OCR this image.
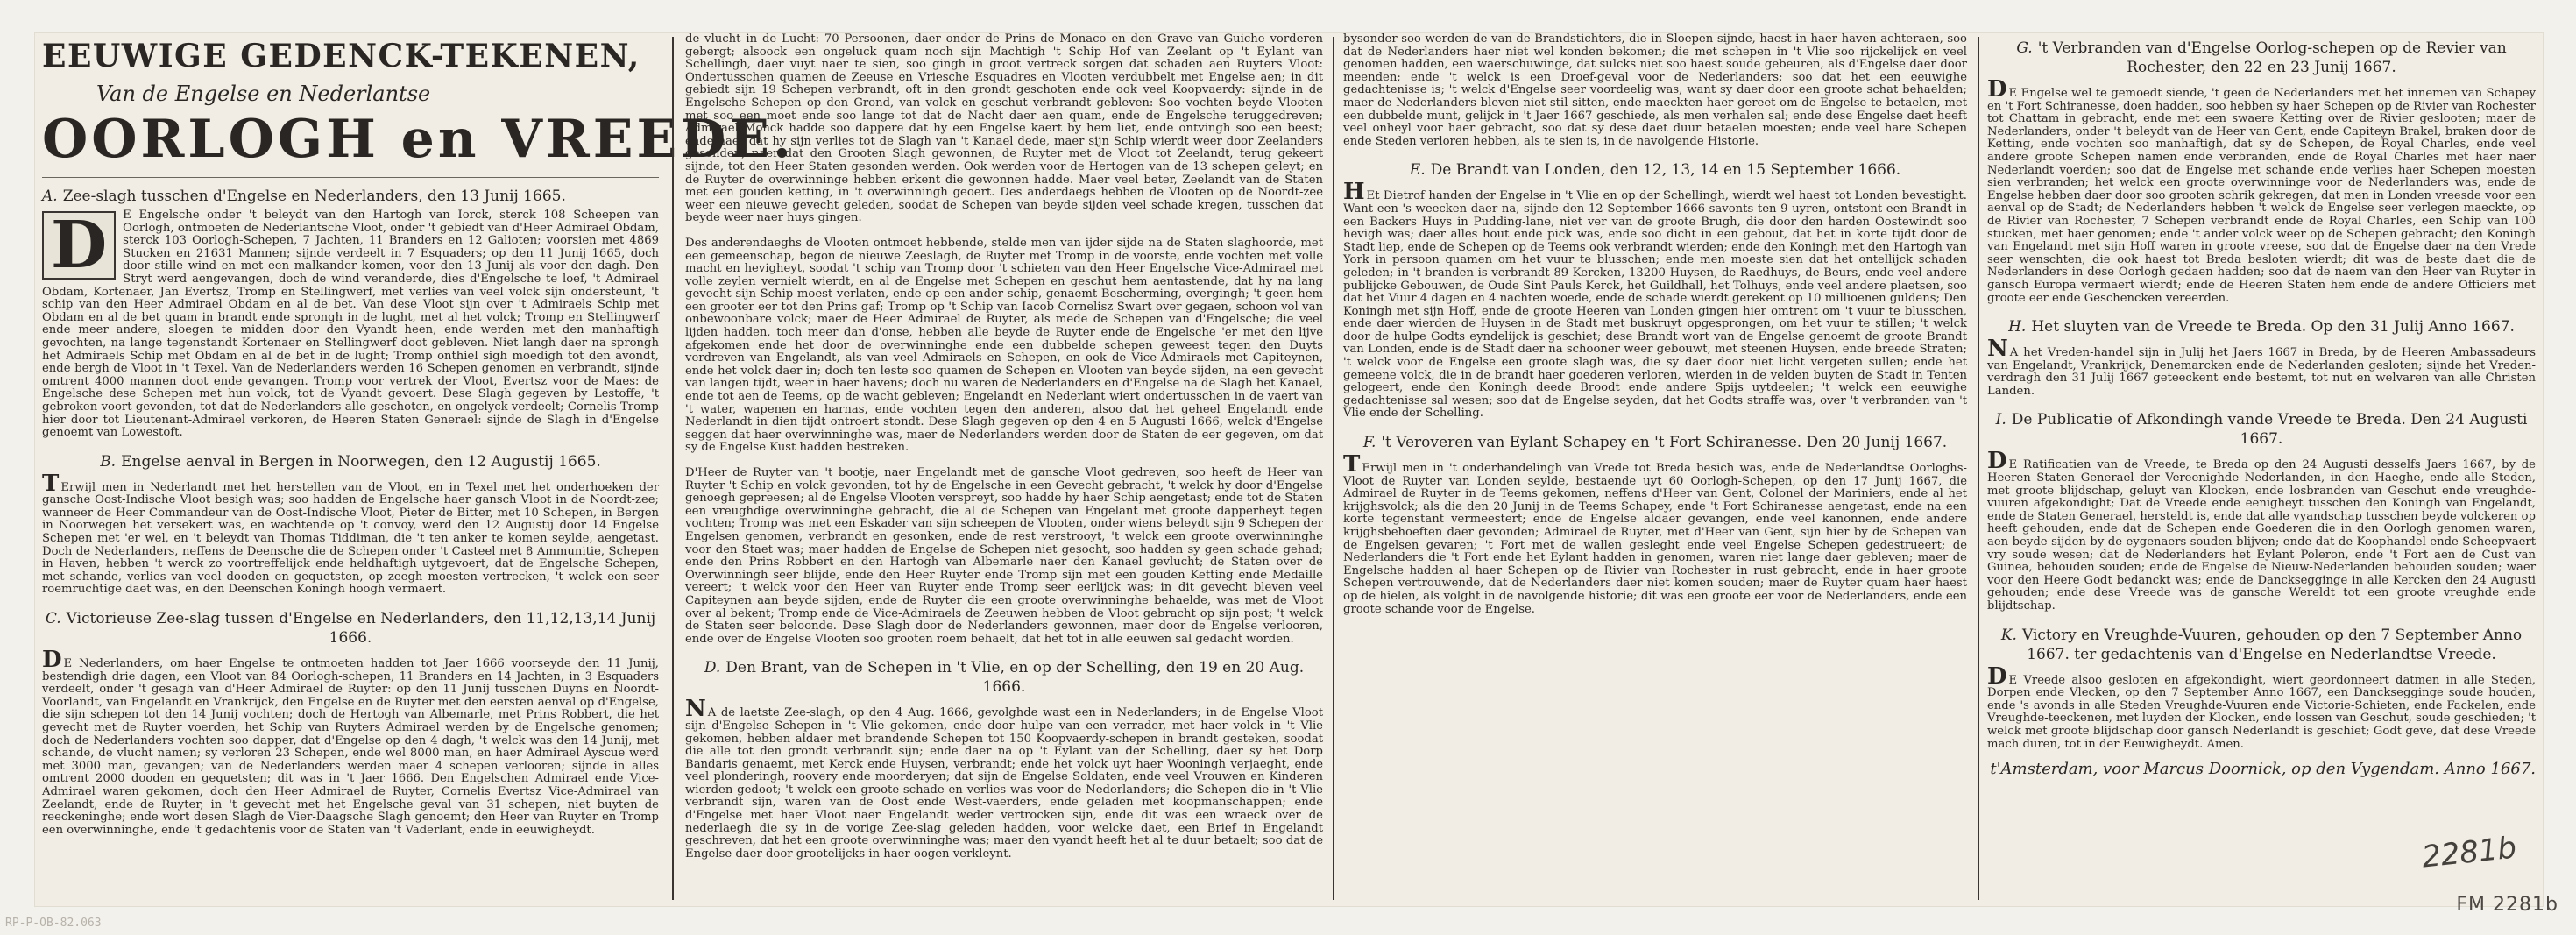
EEUWIGE GEDENCK-TEKENEN,
Van de Engelse en Nederlantse
OORLOGH en VREEDE.
A. Zee-slagh tusschen d'Engelse en Nederlanders, den 13 Junij 1665.
D	E Engelsche onder 't beleydt van den Hartogh van Iorck, sterck 108 Scheepen van Oorlogh, ontmoeten de Nederlantsche Vloot, onder 't gebiedt van d'Heer Admirael Obdam, sterck 103 Oorlogh-Schepen, 7 Jachten, 11 Branders en 12 Galioten; voorsien met 4869 Stucken en 21631 Mannen; sijnde verdeelt in 7 Esquaders; op den 11 Junij 1665, doch door stille wind en met een malkander komen, voor den 13 Junij als voor den dagh. Den Stryt werd aengevangen, doch de wind veranderde, dies d'Engelsche te loef, 't Admirael Obdam, Kortenaer, Jan Evertsz, Tromp en Stellingwerf, met verlies van veel volck sijn ondersteunt, 't schip van den Heer Admirael Obdam en al de bet. Van dese Vloot sijn over 't Admiraels Schip met Obdam en al de bet quam in brandt ende sprongh in de lught, met al het volck; Tromp en Stellingwerf ende meer andere, sloegen te midden door den Vyandt heen, ende werden met den manhaftigh gevochten, na lange tegenstandt Kortenaer en Stellingwerf doot gebleven. Niet langh daer na sprongh het Admiraels Schip met Obdam en al de bet in de lught; Tromp onthiel sigh moedigh tot den avondt, ende bergh de Vloot in 't Texel. Van de Nederlanders werden 16 Schepen genomen en verbrandt, sijnde omtrent 4000 mannen doot ende gevangen. Tromp voor vertrek der Vloot, Evertsz voor de Maes: de Engelsche dese Schepen met hun volck, tot de Vyandt gevoert. Dese Slagh gegeven by Lestoffe, 't gebroken voort gevonden, tot dat de Nederlanders alle geschoten, en ongelyck verdeelt; Cornelis Tromp hier door tot Lieutenant-Admirael verkoren, de Heeren Staten Generael: sijnde de Slagh in d'Engelse genoemt van Lowestoft.
B. Engelse aenval in Bergen in Noorwegen, den 12 Augustij 1665.
T Erwijl men in Nederlandt met het herstellen van de Vloot, en in Texel met het onderhoeken der gansche Oost-Indische Vloot besigh was; soo hadden de Engelsche haer gansch Vloot in de Noordt-zee; wanneer de Heer Commandeur van de Oost-Indische Vloot, Pieter de Bitter, met 10 Schepen, in Bergen in Noorwegen het versekert was, en wachtende op 't convoy, werd den 12 Augustij door 14 Engelse Schepen met 'er wel, en 't beleydt van Thomas Tiddiman, die 't ten anker te komen seylde, aengetast. Doch de Nederlanders, neffens de Deensche die de Schepen onder 't Casteel met 8 Ammunitie, Schepen in Haven, hebben 't werck zo voortreffelijck ende heldhaftigh uytgevoert, dat de Engelsche Schepen, met schande, verlies van veel dooden en gequetsten, op zeegh moesten vertrecken, 't welck een seer roemruchtige daet was, en den Deenschen Koningh hoogh vermaert.
C. Victorieuse Zee-slag tussen d'Engelse en Nederlanders, den 11,12,13,14 Junij 1666.
D E Nederlanders, om haer Engelse te ontmoeten hadden tot Jaer 1666 voorseyde den 11 Junij, bestendigh drie dagen, een Vloot van 84 Oorlogh-schepen, 11 Branders en 14 Jachten, in 3 Esquaders verdeelt, onder 't gesagh van d'Heer Admirael de Ruyter: op den 11 Junij tusschen Duyns en Noordt-Voorlandt, van Engelandt en Vrankrijck, den Engelse en de Ruyter met den eersten aenval op d'Engelse, die sijn schepen tot den 14 Junij vochten; doch de Hertogh van Albemarle, met Prins Robbert, die het gevecht met de Ruyter voerden, het Schip van Ruyters Admirael werden by de Engelsche genomen; doch de Nederlanders vochten soo dapper, dat d'Engelse op den 4 dagh, 't welck was den 14 Junij, met schande, de vlucht namen; sy verloren 23 Schepen, ende wel 8000 man, en haer Admirael Ayscue werd met 3000 man, gevangen; van de Nederlanders werden maer 4 schepen verlooren; sijnde in alles omtrent 2000 dooden en gequetsten; dit was in 't Jaer 1666. Den Engelschen Admirael ende Vice-Admirael waren gekomen, doch den Heer Admirael de Ruyter, Cornelis Evertsz Vice-Admirael van Zeelandt, ende de Ruyter, in 't gevecht met het Engelsche geval van 31 schepen, niet buyten de reeckeninghe; ende wort desen Slagh de Vier-Daagsche Slagh genoemt; den Heer van Ruyter en Tromp een overwinninghe, ende 't gedachtenis voor de Staten van 't Vaderlant, ende in eeuwigheydt.
de vlucht in de Lucht: 70 Persoonen, daer onder de Prins de Monaco en den Grave van Guiche vorderen gebergt; alsoock een ongeluck quam noch sijn Machtigh 't Schip Hof van Zeelant op 't Eylant van Schellingh, daer vuyt naer te sien, soo gingh in groot vertreck sorgen dat schaden aen Ruyters Vloot: Ondertusschen quamen de Zeeuse en Vriesche Esquadres en Vlooten verdubbelt met Engelse aen; in dit gebiedt sijn 19 Schepen verbrandt, oft in den grondt geschoten ende ook veel Koopvaerdy: sijnde in de Engelsche Schepen op den Grond, van volck en geschut verbrandt gebleven: Soo vochten beyde Vlooten met soo een moet ende soo lange tot dat de Nacht daer aen quam, ende de Engelsche teruggedreven; Admirael Monck hadde soo dappere dat hy een Engelse kaert by hem liet, ende ontvingh soo een beest; ende naer dat hy sijn verlies tot de Slagh van 't Kanael dede, maer sijn Schip wierdt weer door Zeelanders gesonden; naer dat den Grooten Slagh gewonnen, de Ruyter met de Vloot tot Zeelandt, terug gekeert sijnde, tot den Heer Staten gesonden werden. Ook werden voor de Hertogen van de 13 schepen geleyt; en de Ruyter de overwinninge hebben erkent die gewonnen hadde. Maer veel beter, Zeelandt van de Staten met een gouden ketting, in 't overwinningh geoert. Des anderdaegs hebben de Vlooten op de Noordt-zee weer een nieuwe gevecht geleden, soodat de Schepen van beyde sijden veel schade kregen, tusschen dat beyde weer naer huys gingen.
Des anderendaeghs de Vlooten ontmoet hebbende, stelde men van ijder sijde na de Staten slaghoorde, met een gemeenschap, begon de nieuwe Zeeslagh, de Ruyter met Tromp in de voorste, ende vochten met volle macht en hevigheyt, soodat 't schip van Tromp door 't schieten van den Heer Engelsche Vice-Admirael met volle zeylen vernielt wierdt, en al de Engelse met Schepen en geschut hem aentastende, dat hy na lang gevecht sijn Schip moest verlaten, ende op een ander schip, genaemt Bescherming, overgingh; 't geen hem een grooter eer tot den Prins gaf; Tromp op 't Schip van Iacob Cornelisz Swart over gegaen, schoon vol van onbewoonbare volck; maer de Heer Admirael de Ruyter, als mede de Schepen van d'Engelsche; die veel lijden hadden, toch meer dan d'onse, hebben alle beyde de Ruyter ende de Engelsche 'er met den lijve afgekomen ende het door de overwinninghe ende een dubbelde schepen geweest tegen den Duyts verdreven van Engelandt, als van veel Admiraels en Schepen, en ook de Vice-Admiraels met Capiteynen, ende het volck daer in; doch ten leste soo quamen de Schepen en Vlooten van beyde sijden, na een gevecht van langen tijdt, weer in haer havens; doch nu waren de Nederlanders en d'Engelse na de Slagh het Kanael, ende tot aen de Teems, op de wacht gebleven; Engelandt en Nederlant wiert ondertusschen in de vaert van 't water, wapenen en harnas, ende vochten tegen den anderen, alsoo dat het geheel Engelandt ende Nederlandt in dien tijdt ontroert stondt. Dese Slagh gegeven op den 4 en 5 Augusti 1666, welck d'Engelse seggen dat haer overwinninghe was, maer de Nederlanders werden door de Staten de eer gegeven, om dat sy de Engelse Kust hadden bestreken.
D'Heer de Ruyter van 't bootje, naer Engelandt met de gansche Vloot gedreven, soo heeft de Heer van Ruyter 't Schip en volck gevonden, tot hy de Engelsche in een Gevecht gebracht, 't welck hy door d'Engelse genoegh gepreesen; al de Engelse Vlooten verspreyt, soo hadde hy haer Schip aengetast; ende tot de Staten een vreughdige overwinninghe gebracht, die al de Schepen van Engelant met groote dapperheyt tegen vochten; Tromp was met een Eskader van sijn scheepen de Vlooten, onder wiens beleydt sijn 9 Schepen der Engelsen genomen, verbrandt en gesonken, ende de rest verstrooyt, 't welck een groote overwinninghe voor den Staet was; maer hadden de Engelse de Schepen niet gesocht, soo hadden sy geen schade gehad; ende den Prins Robbert en den Hartogh van Albemarle naer den Kanael gevlucht; de Staten over de Overwinningh seer blijde, ende den Heer Ruyter ende Tromp sijn met een gouden Ketting ende Medaille vereert; 't welck voor den Heer van Ruyter ende Tromp seer eerlijck was; in dit gevecht bleven veel Capiteynen aan beyde sijden, ende de Ruyter die een groote overwinninghe behaelde, was met de Vloot over al bekent; Tromp ende de Vice-Admiraels de Zeeuwen hebben de Vloot gebracht op sijn post; 't welck de Staten seer beloonde. Dese Slagh door de Nederlanders gewonnen, maer door de Engelse verlooren, ende over de Engelse Vlooten soo grooten roem behaelt, dat het tot in alle eeuwen sal gedacht worden.
D. Den Brant, van de Schepen in 't Vlie, en op der Schelling, den 19 en 20 Aug. 1666.
N A de laetste Zee-slagh, op den 4 Aug. 1666, gevolghde wast een in Nederlanders; in de Engelse Vloot sijn d'Engelse Schepen in 't Vlie gekomen, ende door hulpe van een verrader, met haer volck in 't Vlie gekomen, hebben aldaer met brandende Schepen tot 150 Koopvaerdy-schepen in brandt gesteken, soodat die alle tot den grondt verbrandt sijn; ende daer na op 't Eylant van der Schelling, daer sy het Dorp Bandaris genaemt, met Kerck ende Huysen, verbrandt; ende het volck uyt haer Wooningh verjaeght, ende veel plonderingh, roovery ende moorderyen; dat sijn de Engelse Soldaten, ende veel Vrouwen en Kinderen wierden gedoot; 't welck een groote schade en verlies was voor de Nederlanders; die Schepen die in 't Vlie verbrandt sijn, waren van de Oost ende West-vaerders, ende geladen met koopmanschappen; ende d'Engelse met haer Vloot naer Engelandt weder vertrocken sijn, ende dit was een wraeck over de nederlaegh die sy in de vorige Zee-slag geleden hadden, voor welcke daet, een Brief in Engelandt geschreven, dat het een groote overwinninghe was; maer den vyandt heeft het al te duur betaelt; soo dat de Engelse daer door grootelijcks in haer oogen verkleynt.
bysonder soo werden de van de Brandstichters, die in Sloepen sijnde, haest in haer haven achteraen, soo dat de Nederlanders haer niet wel konden bekomen; die met schepen in 't Vlie soo rijckelijck en veel genomen hadden, een waerschuwinge, dat sulcks niet soo haest soude gebeuren, als d'Engelse daer door meenden; ende 't welck is een Droef-geval voor de Nederlanders; soo dat het een eeuwighe gedachtenisse is; 't welck d'Engelse seer voordeelig was, want sy daer door een groote schat behaelden; maer de Nederlanders bleven niet stil sitten, ende maeckten haer gereet om de Engelse te betaelen, met een dubbelde munt, gelijck in 't Jaer 1667 geschiede, als men verhalen sal; ende dese Engelse daet heeft veel onheyl voor haer gebracht, soo dat sy dese daet duur betaelen moesten; ende veel hare Schepen ende Steden verloren hebben, als te sien is, in de navolgende Historie.
E. De Brandt van Londen, den 12, 13, 14 en 15 September 1666.
H Et Dietrof handen der Engelse in 't Vlie en op der Schellingh, wierdt wel haest tot Londen bevestight. Want een 's weecken daer na, sijnde den 12 September 1666 savonts ten 9 uyren, ontstont een Brandt in een Backers Huys in Pudding-lane, niet ver van de groote Brugh, die door den harden Oostewindt soo hevigh was; daer alles hout ende pick was, ende soo dicht in een gebout, dat het in korte tijdt door de Stadt liep, ende de Schepen op de Teems ook verbrandt wierden; ende den Koningh met den Hartogh van York in persoon quamen om het vuur te blusschen; ende men moeste sien dat het ontellijck schaden geleden; in 't branden is verbrandt 89 Kercken, 13200 Huysen, de Raedhuys, de Beurs, ende veel andere publijcke Gebouwen, de Oude Sint Pauls Kerck, het Guildhall, het Tolhuys, ende veel andere plaetsen, soo dat het Vuur 4 dagen en 4 nachten woede, ende de schade wierdt gerekent op 10 millioenen guldens; Den Koningh met sijn Hoff, ende de groote Heeren van Londen gingen hier omtrent om 't vuur te blusschen, ende daer wierden de Huysen in de Stadt met buskruyt opgesprongen, om het vuur te stillen; 't welck door de hulpe Godts eyndelijck is geschiet; dese Brandt wort van de Engelse genoemt de groote Brandt van Londen, ende is de Stadt daer na schooner weer gebouwt, met steenen Huysen, ende breede Straten; 't welck voor de Engelse een groote slagh was, die sy daer door niet licht vergeten sullen; ende het gemeene volck, die in de brandt haer goederen verloren, wierden in de velden buyten de Stadt in Tenten gelogeert, ende den Koningh deede Broodt ende andere Spijs uytdeelen; 't welck een eeuwighe gedachtenisse sal wesen; soo dat de Engelse seyden, dat het Godts straffe was, over 't verbranden van 't Vlie ende der Schelling.
F. 't Veroveren van Eylant Schapey en 't Fort Schiranesse. Den 20 Junij 1667.
T Erwijl men in 't onderhandelingh van Vrede tot Breda besich was, ende de Nederlandtse Oorloghs-Vloot de Ruyter van Londen seylde, bestaende uyt 60 Oorlogh-Schepen, op den 17 Junij 1667, die Admirael de Ruyter in de Teems gekomen, neffens d'Heer van Gent, Colonel der Mariniers, ende al het krijghsvolck; als die den 20 Junij in de Teems Schapey, ende 't Fort Schiranesse aengetast, ende na een korte tegenstant vermeestert; ende de Engelse aldaer gevangen, ende veel kanonnen, ende andere krijghsbehoeften daer gevonden; Admirael de Ruyter, met d'Heer van Gent, sijn hier by de Schepen van de Engelsen gevaren; 't Fort met de wallen gesleght ende veel Engelse Schepen gedestrueert; de Nederlanders die 't Fort ende het Eylant hadden in genomen, waren niet lange daer gebleven; maer de Engelsche hadden al haer Schepen op de Rivier van Rochester in rust gebracht, ende in haer groote Schepen vertrouwende, dat de Nederlanders daer niet komen souden; maer de Ruyter quam haer haest op de hielen, als volght in de navolgende historie; dit was een groote eer voor de Nederlanders, ende een groote schande voor de Engelse.
G. 't Verbranden van d'Engelse Oorlog-schepen op de Revier van Rochester, den 22 en 23 Junij 1667.
D E Engelse wel te gemoedt siende, 't geen de Nederlanders met het innemen van Schapey en 't Fort Schiranesse, doen hadden, soo hebben sy haer Schepen op de Rivier van Rochester tot Chattam in gebracht, ende met een swaere Ketting over de Rivier geslooten; maer de Nederlanders, onder 't beleydt van de Heer van Gent, ende Capiteyn Brakel, braken door de Ketting, ende vochten soo manhaftigh, dat sy de Schepen, de Royal Charles, ende veel andere groote Schepen namen ende verbranden, ende de Royal Charles met haer naer Nederlandt voerden; soo dat de Engelse met schande ende verlies haer Schepen moesten sien verbranden; het welck een groote overwinninge voor de Nederlanders was, ende de Engelse hebben daer door soo grooten schrik gekregen, dat men in Londen vreesde voor een aenval op de Stadt; de Nederlanders hebben 't welck de Engelse seer verlegen maeckte, op de Rivier van Rochester, 7 Schepen verbrandt ende de Royal Charles, een Schip van 100 stucken, met haer genomen; ende 't ander volck weer op de Schepen gebracht; den Koningh van Engelandt met sijn Hoff waren in groote vreese, soo dat de Engelse daer na den Vrede seer wenschten, die ook haest tot Breda besloten wierdt; dit was de beste daet die de Nederlanders in dese Oorlogh gedaen hadden; soo dat de naem van den Heer van Ruyter in gansch Europa vermaert wierdt; ende de Heeren Staten hem ende de andere Officiers met groote eer ende Geschencken vereerden.
H. Het sluyten van de Vreede te Breda. Op den 31 Julij Anno 1667.
N A het Vreden-handel sijn in Julij het Jaers 1667 in Breda, by de Heeren Ambassadeurs van Engelandt, Vrankrijck, Denemarcken ende de Nederlanden gesloten; sijnde het Vreden-verdragh den 31 Julij 1667 geteeckent ende bestemt, tot nut en welvaren van alle Christen Landen.
I. De Publicatie of Afkondingh vande Vreede te Breda. Den 24 Augusti 1667.
D E Ratificatien van de Vreede, te Breda op den 24 Augusti desselfs Jaers 1667, by de Heeren Staten Generael der Vereenighde Nederlanden, in den Haeghe, ende alle Steden, met groote blijdschap, geluyt van Klocken, ende losbranden van Geschut ende vreughde-vuuren afgekondight; Dat de Vreede ende eenigheyt tusschen den Koningh van Engelandt, ende de Staten Generael, hersteldt is, ende dat alle vyandschap tusschen beyde volckeren op heeft gehouden, ende dat de Schepen ende Goederen die in den Oorlogh genomen waren, aen beyde sijden by de eygenaers souden blijven; ende dat de Koophandel ende Scheepvaert vry soude wesen; dat de Nederlanders het Eylant Poleron, ende 't Fort aen de Cust van Guinea, behouden souden; ende de Engelse de Nieuw-Nederlanden behouden souden; waer voor den Heere Godt bedanckt was; ende de Dancksegginge in alle Kercken den 24 Augusti gehouden; ende dese Vreede was de gansche Wereldt tot een groote vreughde ende blijdtschap.
K. Victory en Vreughde-Vuuren, gehouden op den 7 September Anno 1667. ter gedachtenis van d'Engelse en Nederlandtse Vreede.
D E Vreede alsoo gesloten en afgekondight, wiert geordonneert datmen in alle Steden, Dorpen ende Vlecken, op den 7 September Anno 1667, een Dancksegginge soude houden, ende 's avonds in alle Steden Vreughde-Vuuren ende Victorie-Schieten, ende Fackelen, ende Vreughde-teeckenen, met luyden der Klocken, ende lossen van Geschut, soude geschieden; 't welck met groote blijdschap door gansch Nederlandt is geschiet; Godt geve, dat dese Vreede mach duren, tot in der Eeuwigheydt. Amen.
t'Amsterdam, voor Marcus Doornick, op den Vygendam. Anno 1667.
2281b
FM 2281b
RP-P-OB-82.063
